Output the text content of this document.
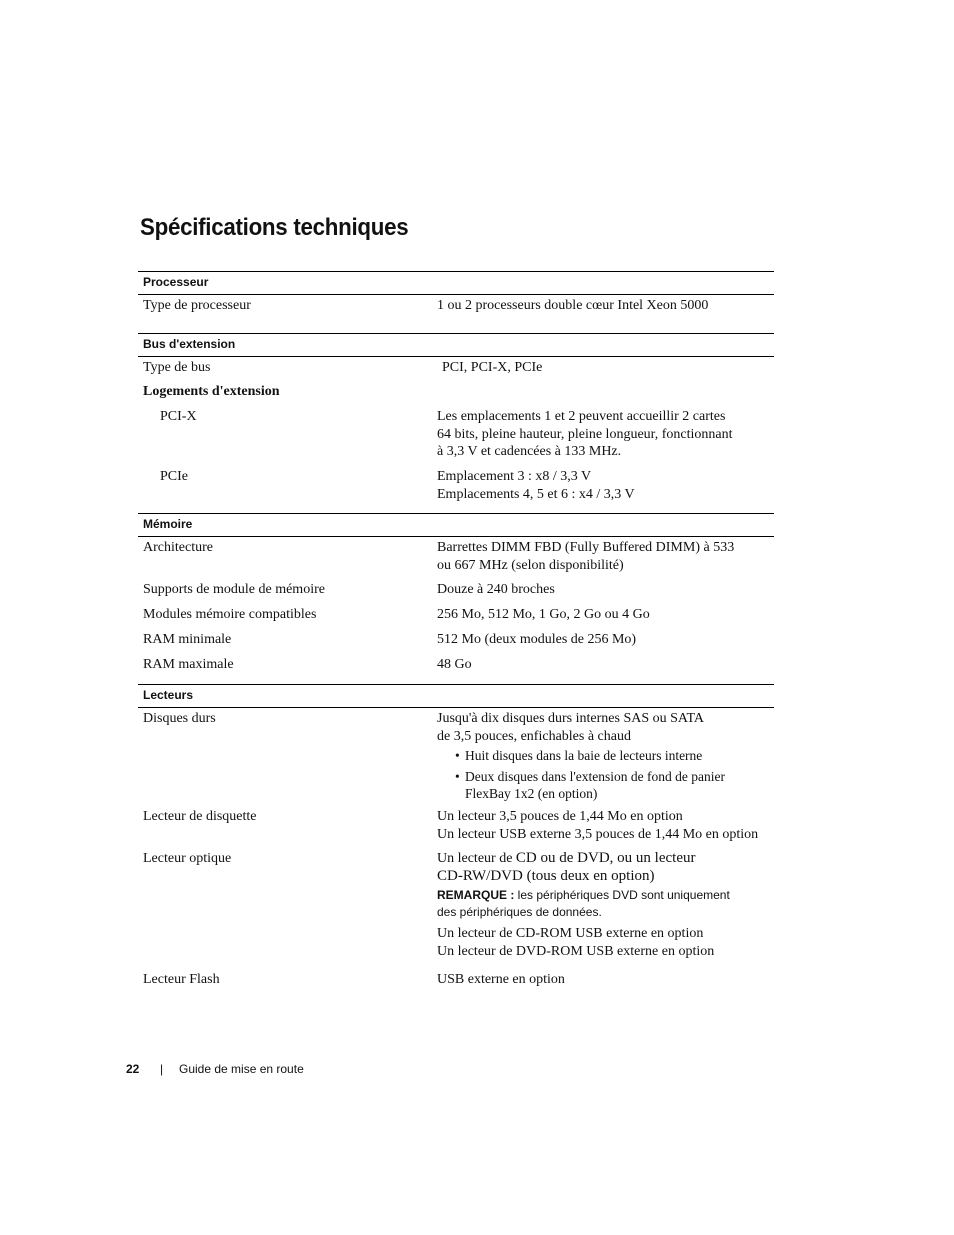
Spécifications techniques
Processeur
Type de processeur	1 ou 2 processeurs double cœur Intel Xeon 5000
Bus d'extension
Type de bus	PCI, PCI-X, PCIe
Logements d'extension
PCI-X	Les emplacements 1 et 2 peuvent accueillir 2 cartes
64 bits, pleine hauteur, pleine longueur, fonctionnant
à 3,3 V et cadencées à 133 MHz.
PCIe	Emplacement 3 : x8 / 3,3 V
Emplacements 4, 5 et 6 : x4 / 3,3 V
Mémoire
Architecture	Barrettes DIMM FBD (Fully Buffered DIMM) à 533
ou 667 MHz (selon disponibilité)
Supports de module de mémoire	Douze à 240 broches
Modules mémoire compatibles	256 Mo, 512 Mo, 1 Go, 2 Go ou 4 Go
RAM minimale	512 Mo (deux modules de 256 Mo)
RAM maximale	48 Go
Lecteurs
Disques durs	Jusqu'à dix disques durs internes SAS ou SATA
de 3,5 pouces, enfichables à chaud
• Huit disques dans la baie de lecteurs interne
• Deux disques dans l'extension de fond de panier
FlexBay 1x2 (en option)
Lecteur de disquette	Un lecteur 3,5 pouces de 1,44 Mo en option
Un lecteur USB externe 3,5 pouces de 1,44 Mo en option
Lecteur optique	Un lecteur de CD ou de DVD, ou un lecteur
CD-RW/DVD (tous deux en option)
REMARQUE : les périphériques DVD sont uniquement
des périphériques de données.
Un lecteur de CD-ROM USB externe en option
Un lecteur de DVD-ROM USB externe en option
Lecteur Flash	USB externe en option
22 | Guide de mise en route
